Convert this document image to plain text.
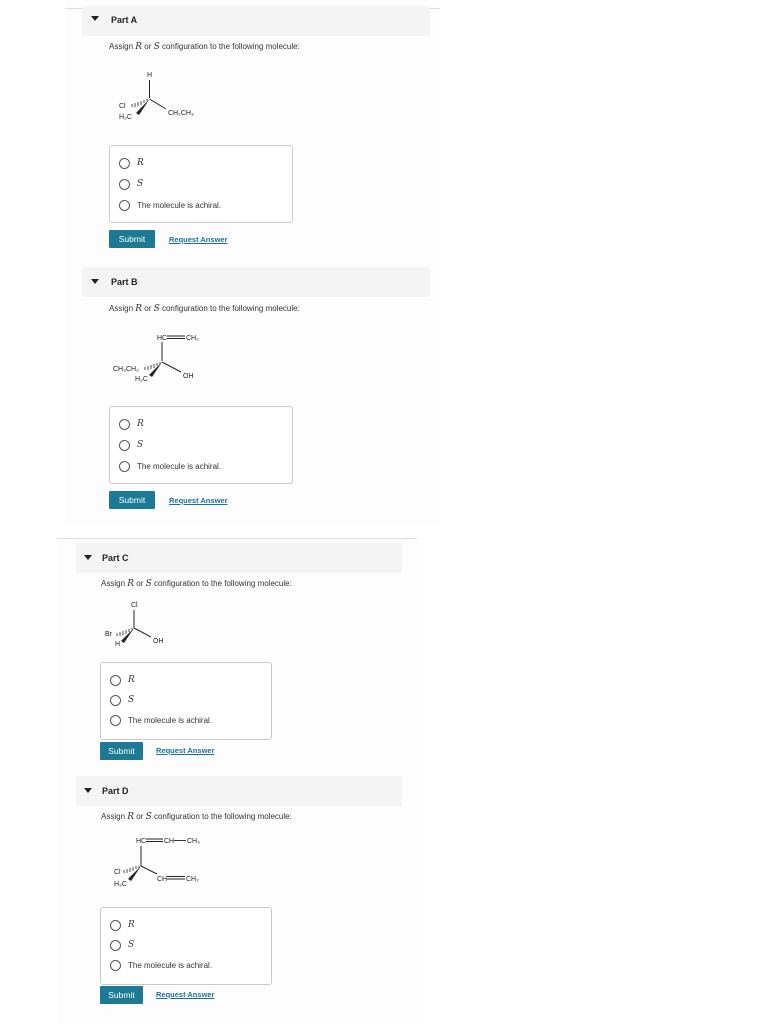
Part A
Assign R or S configuration to the following molecule:
H
Cl
H₃C
CH₂CH₃
R
S
The molecule is achiral.
Submit	Request Answer
Part B
Assign R or S configuration to the following molecule:
HC	CH₂
CH₃CH₂
H₃C	OH
R
S
The molecule is achiral.
Submit	Request Answer
Part C
Assign R or S configuration to the following molecule:
Cl
Br
H	OH
R
S
The molecule is achiral.
Submit	Request Answer
Part D
Assign R or S configuration to the following molecule:
HC	CH CH₃
Cl
H₃C
CH	CH₂
R
S
The molecule is achiral.
Submit	Request Answer
